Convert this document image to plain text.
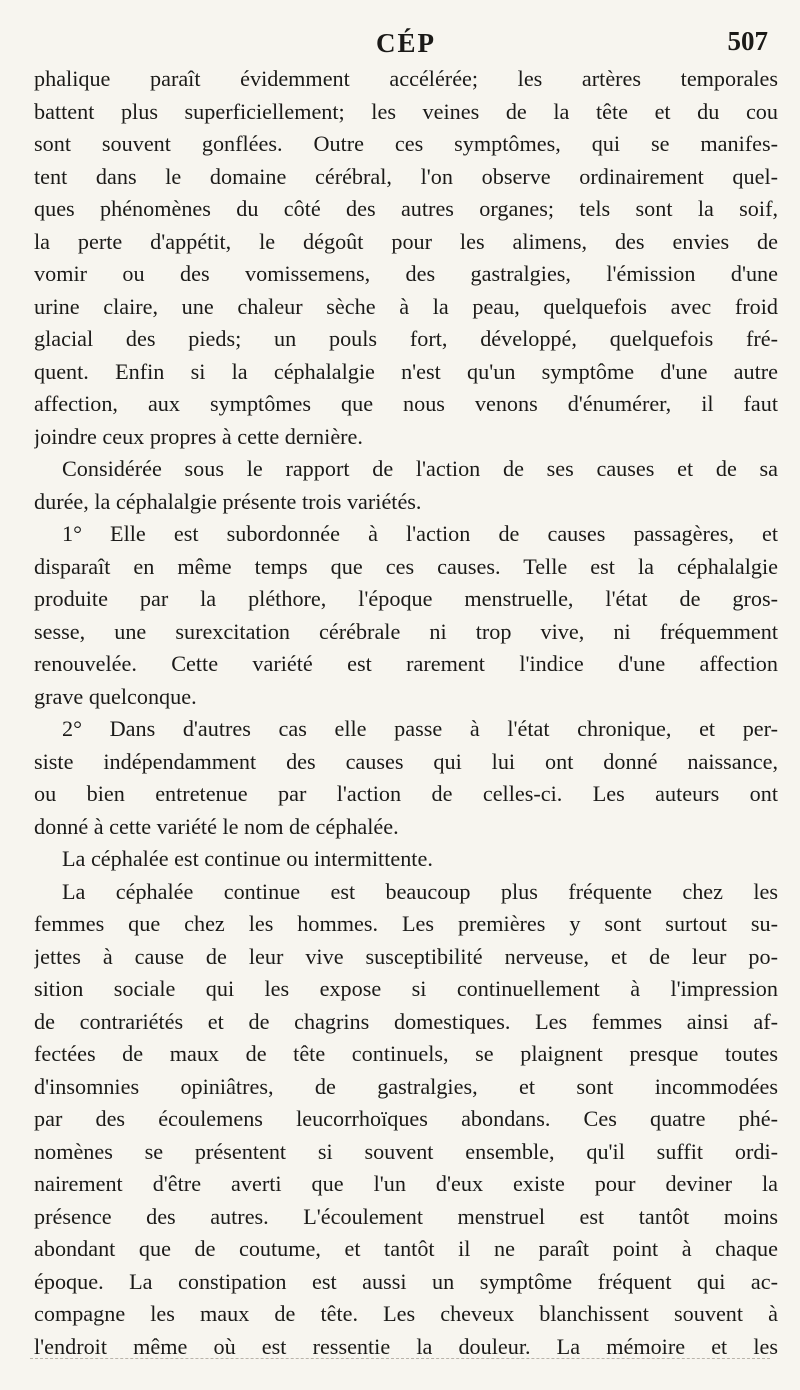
CÉP	507
phalique paraît évidemment accélérée; les artères temporales
battent plus superficiellement; les veines de la tête et du cou
sont souvent gonflées. Outre ces symptômes, qui se manifes-
tent dans le domaine cérébral, l'on observe ordinairement quel-
ques phénomènes du côté des autres organes; tels sont la soif,
la perte d'appétit, le dégoût pour les alimens, des envies de
vomir ou des vomissemens, des gastralgies, l'émission d'une
urine claire, une chaleur sèche à la peau, quelquefois avec froid
glacial des pieds; un pouls fort, développé, quelquefois fré-
quent. Enfin si la céphalalgie n'est qu'un symptôme d'une autre
affection, aux symptômes que nous venons d'énumérer, il faut
joindre ceux propres à cette dernière.
Considérée sous le rapport de l'action de ses causes et de sa
durée, la céphalalgie présente trois variétés.
1° Elle est subordonnée à l'action de causes passagères, et
disparaît en même temps que ces causes. Telle est la céphalalgie
produite par la pléthore, l'époque menstruelle, l'état de gros-
sesse, une surexcitation cérébrale ni trop vive, ni fréquemment
renouvelée. Cette variété est rarement l'indice d'une affection
grave quelconque.
2° Dans d'autres cas elle passe à l'état chronique, et per-
siste indépendamment des causes qui lui ont donné naissance,
ou bien entretenue par l'action de celles-ci. Les auteurs ont
donné à cette variété le nom de céphalée.
La céphalée est continue ou intermittente.
La céphalée continue est beaucoup plus fréquente chez les
femmes que chez les hommes. Les premières y sont surtout su-
jettes à cause de leur vive susceptibilité nerveuse, et de leur po-
sition sociale qui les expose si continuellement à l'impression
de contrariétés et de chagrins domestiques. Les femmes ainsi af-
fectées de maux de tête continuels, se plaignent presque toutes
d'insomnies opiniâtres, de gastralgies, et sont incommodées
par des écoulemens leucorrhoïques abondans. Ces quatre phé-
nomènes se présentent si souvent ensemble, qu'il suffit ordi-
nairement d'être averti que l'un d'eux existe pour deviner la
présence des autres. L'écoulement menstruel est tantôt moins
abondant que de coutume, et tantôt il ne paraît point à chaque
époque. La constipation est aussi un symptôme fréquent qui ac-
compagne les maux de tête. Les cheveux blanchissent souvent à
l'endroit même où est ressentie la douleur. La mémoire et les
